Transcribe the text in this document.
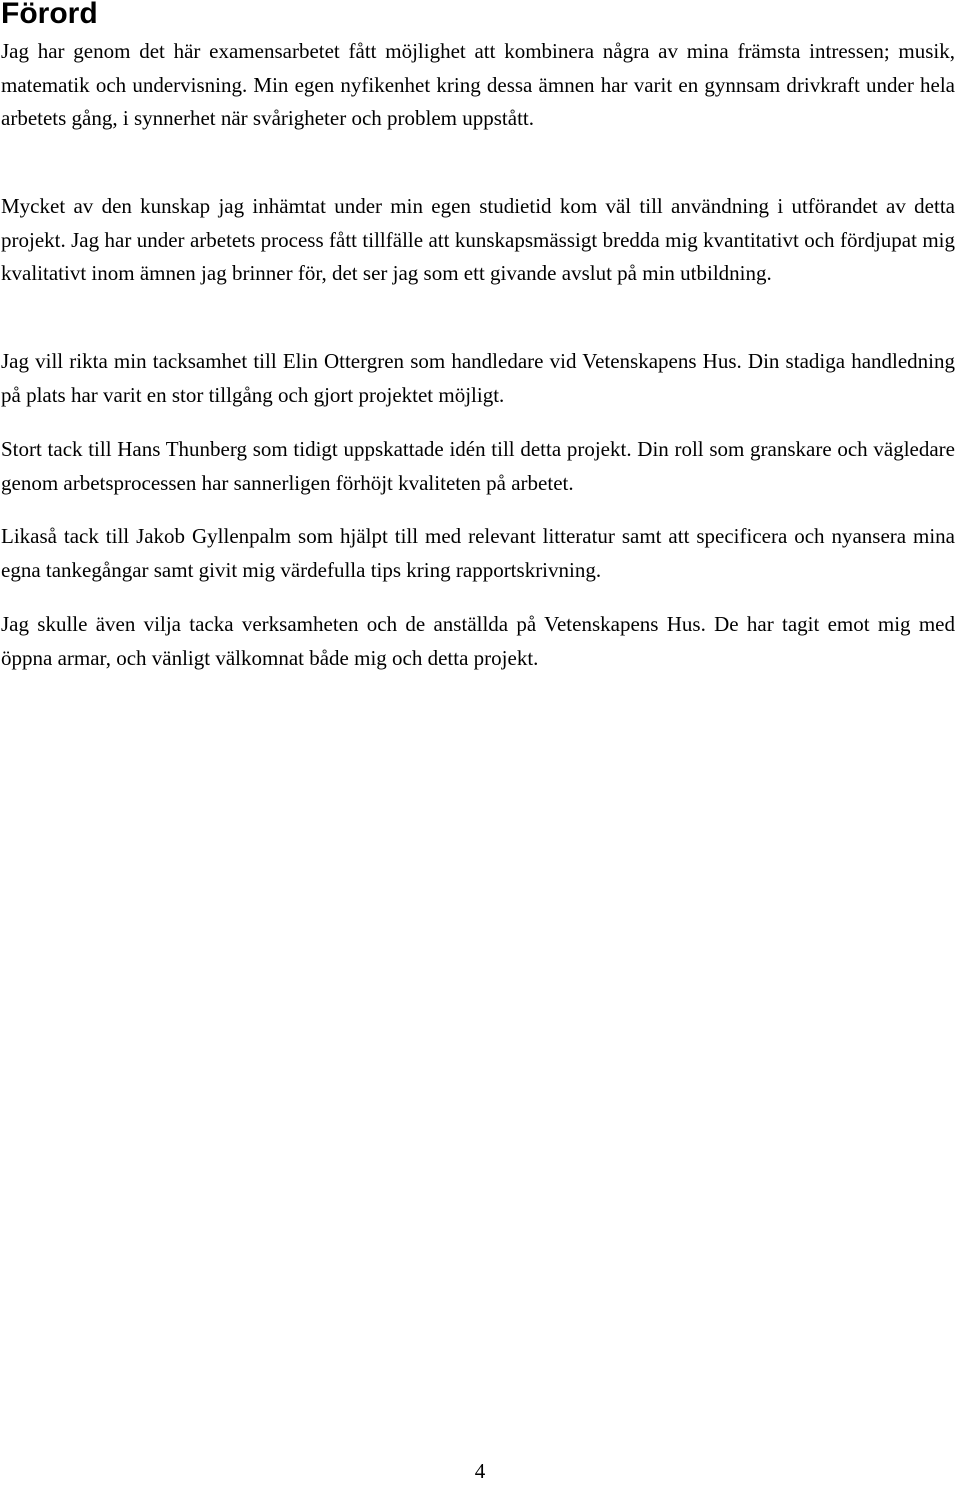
Förord

Jag har genom det här examensarbetet fått möjlighet att kombinera några av mina främsta intressen; musik, matematik och undervisning. Min egen nyfikenhet kring dessa ämnen har varit en gynnsam drivkraft under hela arbetets gång, i synnerhet när svårigheter och problem uppstått.

Mycket av den kunskap jag inhämtat under min egen studietid kom väl till användning i utförandet av detta projekt. Jag har under arbetets process fått tillfälle att kunskapsmässigt bredda mig kvantitativt och fördjupat mig kvalitativt inom ämnen jag brinner för, det ser jag som ett givande avslut på min utbildning.

Jag vill rikta min tacksamhet till Elin Ottergren som handledare vid Vetenskapens Hus. Din stadiga handledning på plats har varit en stor tillgång och gjort projektet möjligt.

Stort tack till Hans Thunberg som tidigt uppskattade idén till detta projekt. Din roll som granskare och vägledare genom arbetsprocessen har sannerligen förhöjt kvaliteten på arbetet.

Likaså tack till Jakob Gyllenpalm som hjälpt till med relevant litteratur samt att specificera och nyansera mina egna tankegångar samt givit mig värdefulla tips kring rapportskrivning.

Jag skulle även vilja tacka verksamheten och de anställda på Vetenskapens Hus. De har tagit emot mig med öppna armar, och vänligt välkomnat både mig och detta projekt.

4
